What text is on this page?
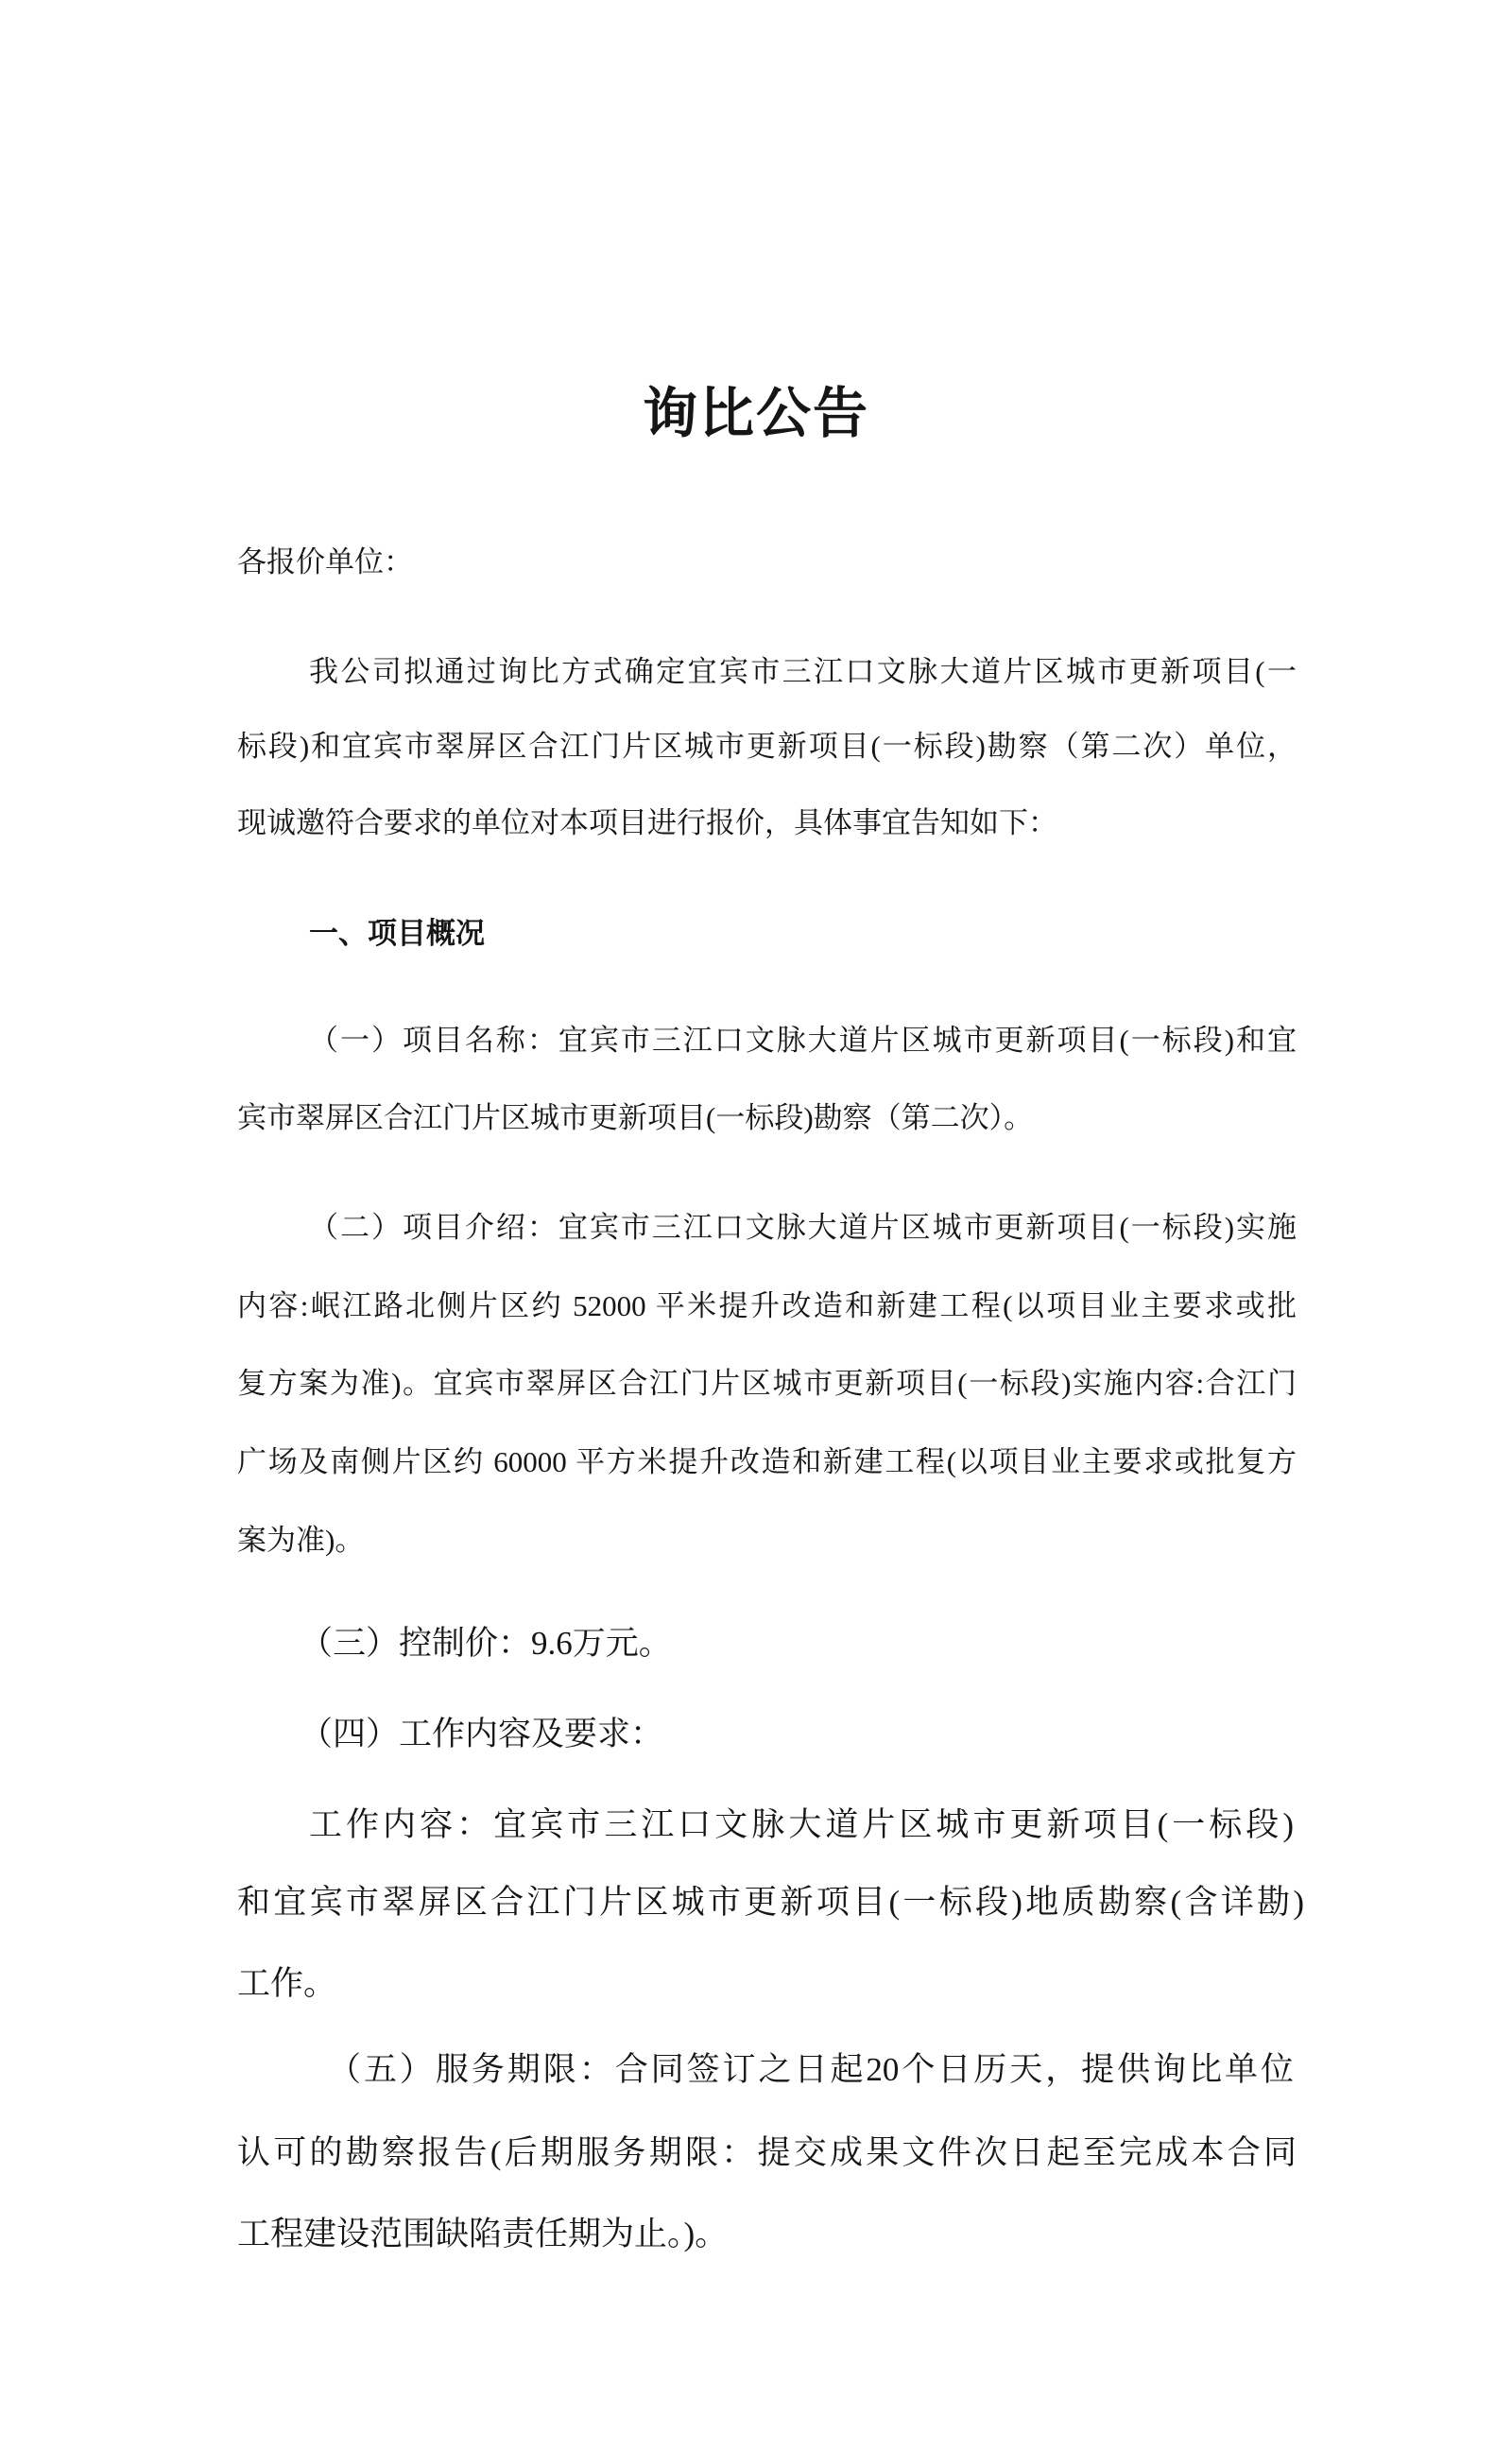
询比公告
各报价单位：
我公司拟通过询比方式确定宜宾市三江口文脉大道片区城市更新项目(一
标段)和宜宾市翠屏区合江门片区城市更新项目(一标段)勘察（第二次）单位，
现诚邀符合要求的单位对本项目进行报价，具体事宜告知如下：
一、项目概况
（一）项目名称：宜宾市三江口文脉大道片区城市更新项目(一标段)和宜
宾市翠屏区合江门片区城市更新项目(一标段)勘察（第二次）。
（二）项目介绍：宜宾市三江口文脉大道片区城市更新项目(一标段)实施
内容:岷江路北侧片区约 52000 平米提升改造和新建工程(以项目业主要求或批
复方案为准)。宜宾市翠屏区合江门片区城市更新项目(一标段)实施内容:合江门
广场及南侧片区约 60000 平方米提升改造和新建工程(以项目业主要求或批复方
案为准)。
（三）控制价：9.6万元。
（四）工作内容及要求：
工作内容：宜宾市三江口文脉大道片区城市更新项目(一标段)
和宜宾市翠屏区合江门片区城市更新项目(一标段)地质勘察(含详勘)
工作。
（五）服务期限：合同签订之日起20个日历天，提供询比单位
认可的勘察报告(后期服务期限：提交成果文件次日起至完成本合同
工程建设范围缺陷责任期为止。)。
